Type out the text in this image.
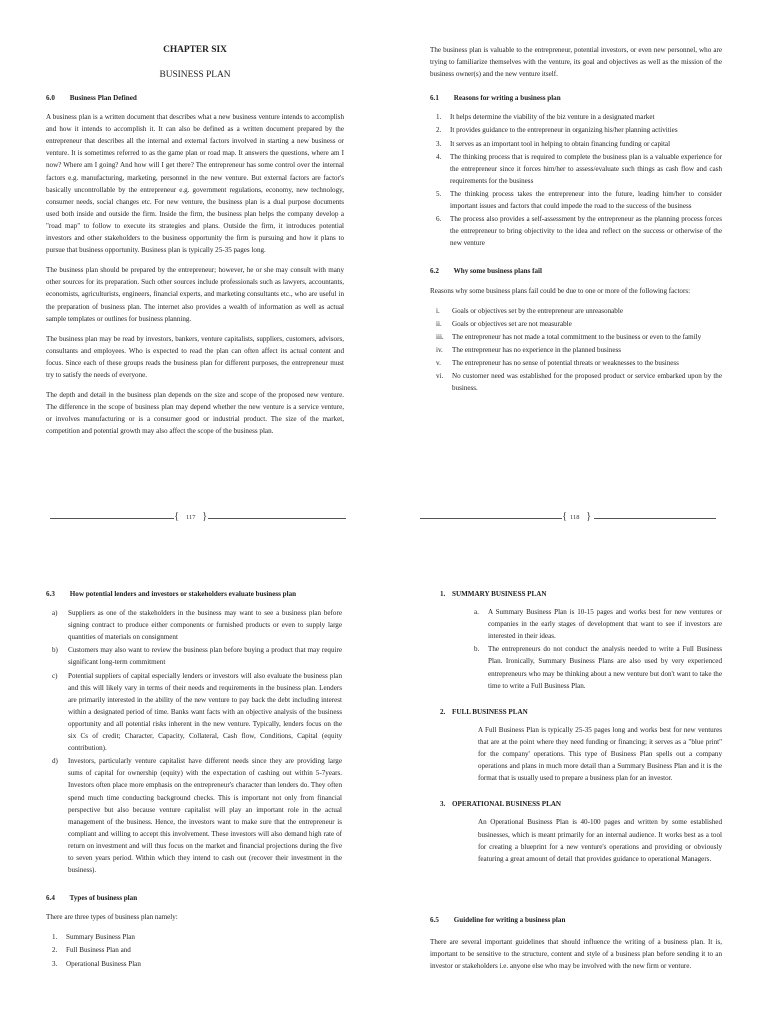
CHAPTER SIX
BUSINESS PLAN
6.0 Business Plan Defined

A business plan is a written document that describes what a new business venture intends to accomplish and how it intends to accomplish it. It can also be defined as a written document prepared by the entrepreneur that describes all the internal and external factors involved in starting a new business or venture. It is sometimes referred to as the game plan or road map. It answers the questions, where am I now? Where am I going? And how will I get there? The entrepreneur has some control over the internal factors e.g. manufacturing, marketing, personnel in the new venture. But external factors are factor's basically uncontrollable by the entrepreneur e.g. government regulations, economy, new technology, consumer needs, social changes etc. For new venture, the business plan is a dual purpose documents used both inside and outside the firm. Inside the firm, the business plan helps the company develop a "road map" to follow to execute its strategies and plans. Outside the firm, it introduces potential investors and other stakeholders to the business opportunity the firm is pursuing and how it plans to pursue that business opportunity. Business plan is typically 25-35 pages long.

The business plan should be prepared by the entrepreneur; however, he or she may consult with many other sources for its preparation. Such other sources include professionals such as lawyers, accountants, economists, agriculturists, engineers, financial experts, and marketing consultants etc., who are useful in the preparation of business plan. The internet also provides a wealth of information as well as actual sample templates or outlines for business planning.

The business plan may be read by investors, bankers, venture capitalists, suppliers, customers, advisors, consultants and employees. Who is expected to read the plan can often affect its actual content and focus. Since each of these groups reads the business plan for different purposes, the entrepreneur must try to satisfy the needs of everyone.

The depth and detail in the business plan depends on the size and scope of the proposed new venture. The difference in the scope of business plan may depend whether the new venture is a service venture, or involves manufacturing or is a consumer good or industrial product. The size of the market, competition and potential growth may also affect the scope of the business plan.

The business plan is valuable to the entrepreneur, potential investors, or even new personnel, who are trying to familiarize themselves with the venture, its goal and objectives as well as the mission of the business owner(s) and the new venture itself.

6.1 Reasons for writing a business plan
1. It helps determine the viability of the biz venture in a designated market
2. It provides guidance to the entrepreneur in organizing his/her planning activities
3. It serves as an important tool in helping to obtain financing funding or capital
4. The thinking process that is required to complete the business plan is a valuable experience for the entrepreneur since it forces him/her to assess/evaluate such things as cash flow and cash requirements for the business
5. The thinking process takes the entrepreneur into the future, leading him/her to consider important issues and factors that could impede the road to the success of the business
6. The process also provides a self-assessment by the entrepreneur as the planning process forces the entrepreneur to bring objectivity to the idea and reflect on the success or otherwise of the new venture
6.2 Why some business plans fail

Reasons why some business plans fail could be due to one or more of the following factors:

i. Goals or objectives set by the entrepreneur are unreasonable
ii. Goals or objectives set are not measurable
iii. The entrepreneur has not made a total commitment to the business or even to the family
iv. The entrepreneur has no experience in the planned business
v. The entrepreneur has no sense of potential threats or weaknesses to the business
vi. No customer need was established for the proposed product or service embarked upon by the business.
{ 117 }	{ 118 }
6.3 How potential lenders and investors or stakeholders evaluate business plan
a) Suppliers as one of the stakeholders in the business may want to see a business plan before signing contract to produce either components or furnished products or even to supply large quantities of materials on consignment
b) Customers may also want to review the business plan before buying a product that may require significant long-term commitment
c) Potential suppliers of capital especially lenders or investors will also evaluate the business plan and this will likely vary in terms of their needs and requirements in the business plan. Lenders are primarily interested in the ability of the new venture to pay back the debt including interest within a designated period of time. Banks want facts with an objective analysis of the business opportunity and all potential risks inherent in the new venture. Typically, lenders focus on the six Cs of credit; Character, Capacity, Collateral, Cash flow, Conditions, Capital (equity contribution).
d) Investors, particularly venture capitalist have different needs since they are providing large sums of capital for ownership (equity) with the expectation of cashing out within 5-7years. Investors often place more emphasis on the entrepreneur's character than lenders do. They often spend much time conducting background checks. This is important not only from financial perspective but also because venture capitalist will play an important role in the actual management of the business. Hence, the investors want to make sure that the entrepreneur is compliant and willing to accept this involvement. These investors will also demand high rate of return on investment and will thus focus on the market and financial projections during the five to seven years period. Within which they intend to cash out (recover their investment in the business).
6.4 Types of business plan

There are three types of business plan namely:

1. Summary Business Plan
2. Full Business Plan and
3. Operational Business Plan
1. SUMMARY BUSINESS PLAN
a. A Summary Business Plan is 10-15 pages and works best for new ventures or companies in the early stages of development that want to see if investors are interested in their ideas.
b. The entrepreneurs do not conduct the analysis needed to write a Full Business Plan. Ironically, Summary Business Plans are also used by very experienced entrepreneurs who may be thinking about a new venture but don't want to take the time to write a Full Business Plan.
2. FULL BUSINESS PLAN
A Full Business Plan is typically 25-35 pages long and works best for new ventures that are at the point where they need funding or financing; it serves as a "blue print" for the company' operations. This type of Business Plan spells out a company operations and plans in much more detail than a Summary Business Plan and it is the format that is usually used to prepare a business plan for an investor.
3. OPERATIONAL BUSINESS PLAN
An Operational Business Plan is 40-100 pages and written by some established businesses, which is meant primarily for an internal audience. It works best as a tool for creating a blueprint for a new venture's operations and providing or obviously featuring a great amount of detail that provides guidance to operational Managers.
6.5 Guideline for writing a business plan

There are several important guidelines that should influence the writing of a business plan. It is, important to be sensitive to the structure, content and style of a business plan before sending it to an investor or stakeholders i.e. anyone else who may be involved with the new firm or venture.
